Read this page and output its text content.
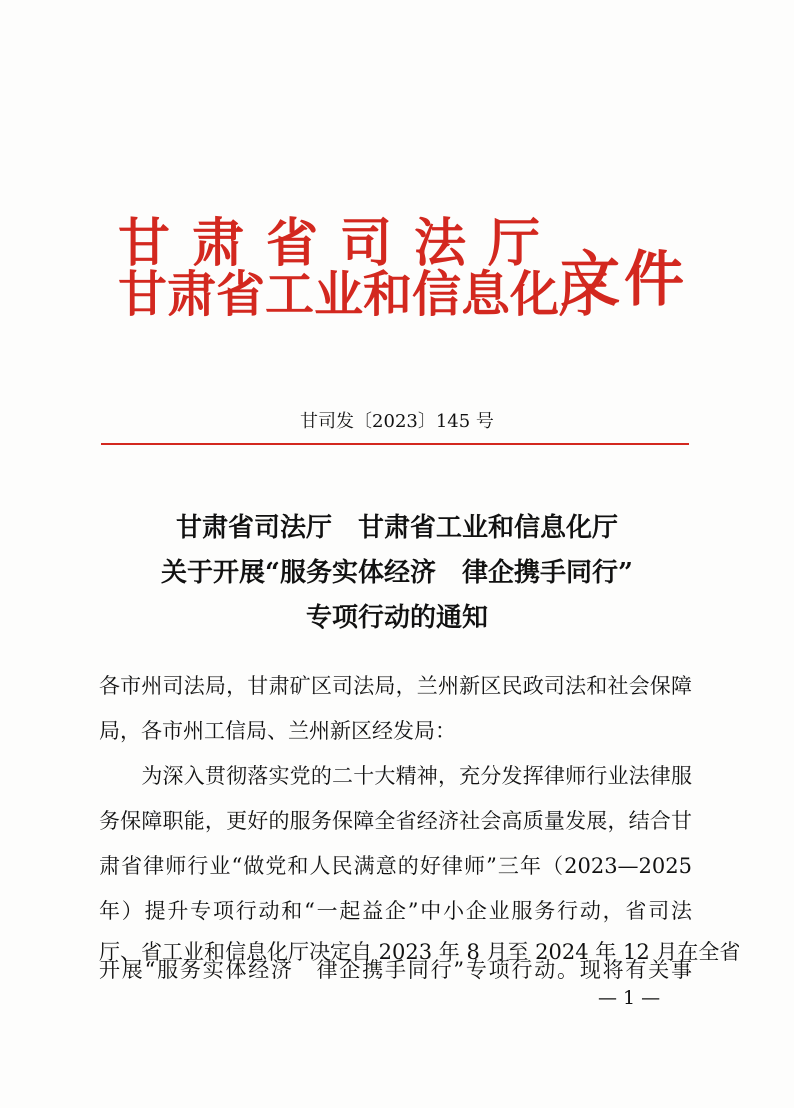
甘肃省司法厅
甘肃省工业和信息化厅
文件
甘司发〔2023〕145 号
甘肃省司法厅　甘肃省工业和信息化厅
关于开展“服务实体经济　律企携手同行”
专项行动的通知
各市州司法局，甘肃矿区司法局，兰州新区民政司法和社会保障
局，各市州工信局、兰州新区经发局：
　　为深入贯彻落实党的二十大精神，充分发挥律师行业法律服
务保障职能，更好的服务保障全省经济社会高质量发展，结合甘
肃省律师行业“做党和人民满意的好律师”三年（2023—2025
年）提升专项行动和“一起益企”中小企业服务行动，省司法
厅、省工业和信息化厅决定自 2023 年 8 月至 2024 年 12 月在全省
开展“服务实体经济　律企携手同行”专项行动。现将有关事
— 1 —
